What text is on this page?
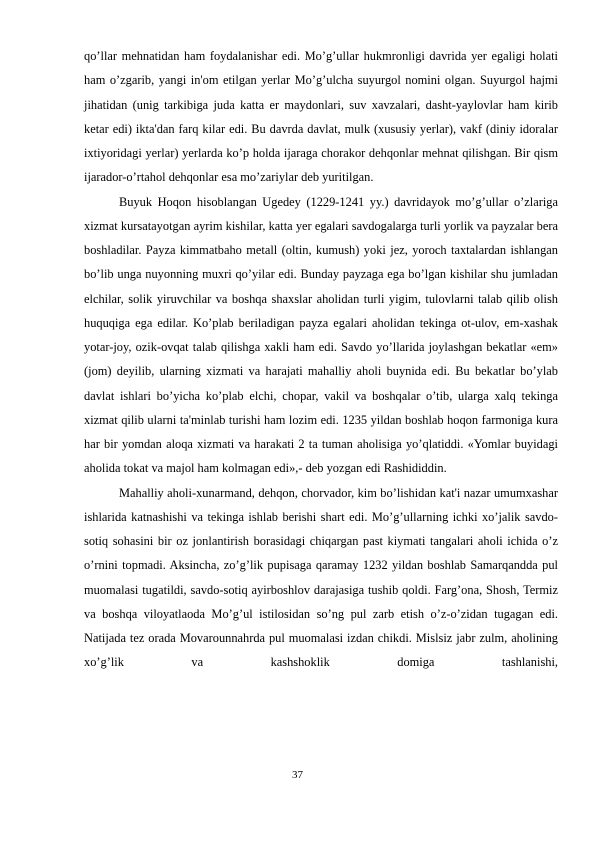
qo’llar mehnatidan ham foydalanishar edi. Mo’g’ullar hukmronligi davrida yer egaligi holati ham o’zgarib, yangi in'om etilgan yerlar Mo’g’ulcha suyurgol nomini olgan. Suyurgol hajmi jihatidan (unig tarkibiga juda katta er maydonlari, suv xavzalari, dasht-yaylovlar ham kirib ketar edi) ikta'dan farq kilar edi. Bu davrda davlat, mulk (xususiy yerlar), vakf (diniy idoralar ixtiyoridagi yerlar) yerlarda ko’p holda ijaraga chorakor dehqonlar mehnat qilishgan. Bir qism ijarador-o’rtahol dehqonlar esa mo’zariylar deb yuritilgan.

Buyuk Hoqon hisoblangan Ugedey (1229-1241 yy.) davridayok mo’g’ullar o’zlariga xizmat kursatayotgan ayrim kishilar, katta yer egalari savdogalarga turli yorlik va payzalar bera boshladilar. Payza kimmatbaho metall (oltin, kumush) yoki jez, yoroch taxtalardan ishlangan bo’lib unga nuyonning muxri qo’yilar edi. Bunday payzaga ega bo’lgan kishilar shu jumladan elchilar, solik yiruvchilar va boshqa shaxslar aholidan turli yigim, tulovlarni talab qilib olish huquqiga ega edilar. Ko’plab beriladigan payza egalari aholidan tekinga ot-ulov, em-xashak yotar-joy, ozik-ovqat talab qilishga xakli ham edi. Savdo yo’llarida joylashgan bekatlar «em» (jom) deyilib, ularning xizmati va harajati mahalliy aholi buynida edi. Bu bekatlar bo’ylab davlat ishlari bo’yicha ko’plab elchi, chopar, vakil va boshqalar o’tib, ularga xalq tekinga xizmat qilib ularni ta'minlab turishi ham lozim edi. 1235 yildan boshlab hoqon farmoniga kura har bir yomdan aloqa xizmati va harakati 2 ta tuman aholisiga yo’qlatiddi. «Yomlar buyidagi aholida tokat va majol ham kolmagan edi»,- deb yozgan edi Rashididdin.

Mahalliy aholi-xunarmand, dehqon, chorvador, kim bo’lishidan kat'i nazar umumxashar ishlarida katnashishi va tekinga ishlab berishi shart edi. Mo’g’ullarning ichki xo’jalik savdo-sotiq sohasini bir oz jonlantirish borasidagi chiqargan past kiymati tangalari aholi ichida o’z o’rnini topmadi. Aksincha, zo’g’lik pupisaga qaramay 1232 yildan boshlab Samarqandda pul muomalasi tugatildi, savdo-sotiq ayirboshlov darajasiga tushib qoldi. Farg’ona, Shosh, Termiz va boshqa viloyatlaoda Mo’g’ul istilosidan so’ng pul zarb etish o’z-o’zidan tugagan edi. Natijada tez orada Movarounnahrda pul muomalasi izdan chikdi. Mislsiz jabr zulm, aholining xo’g’lik va kashshoklik domiga tashlanishi,

37
